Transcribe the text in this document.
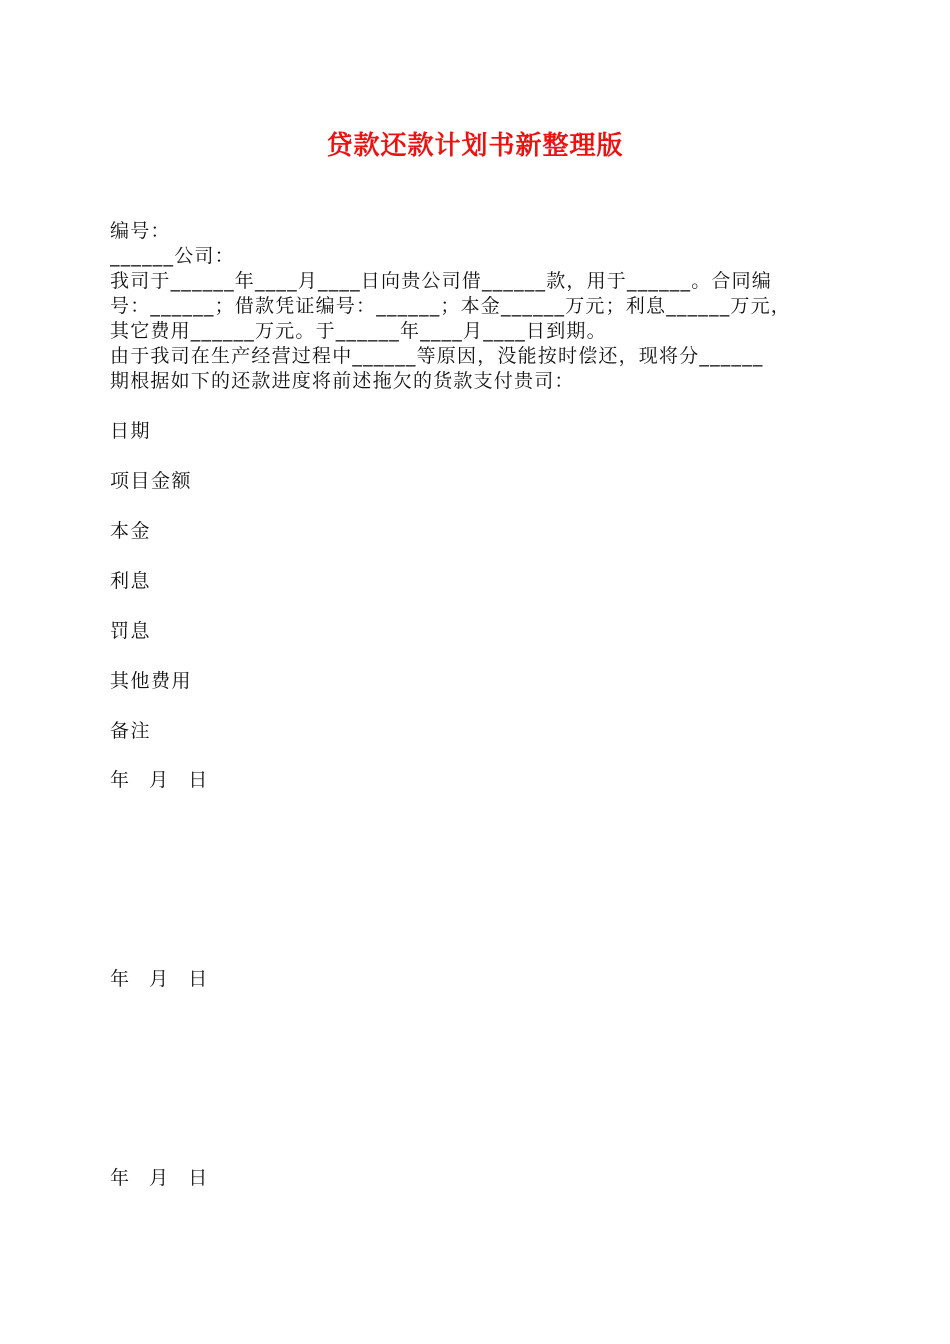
贷款还款计划书新整理版
编号：
______公司：
我司于______年____月____日向贵公司借______款，用于______。合同编
号：______；借款凭证编号：______；本金______万元；利息______万元，
其它费用______万元。于______年____月____日到期。
由于我司在生产经营过程中______等原因，没能按时偿还，现将分______
期根据如下的还款进度将前述拖欠的货款支付贵司：
日期
项目金额
本金
利息
罚息
其他费用
备注
年   月   日
年   月   日
年   月   日
